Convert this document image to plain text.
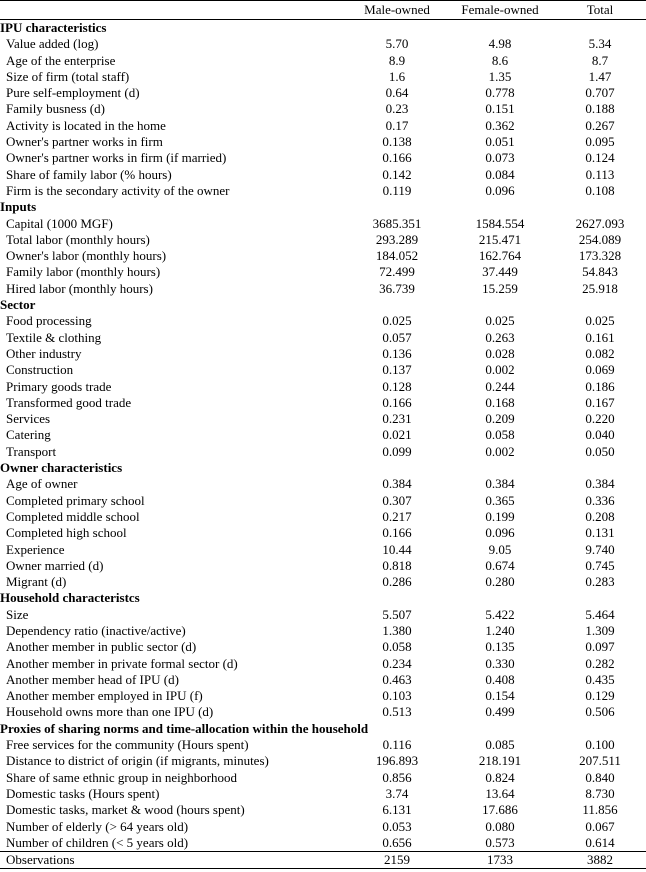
	Male-owned	Female-owned	Total
IPU characteristics			
Value added (log)	5.70	4.98	5.34
Age of the enterprise	8.9	8.6	8.7
Size of firm (total staff)	1.6	1.35	1.47
Pure self-employment (d)	0.64	0.778	0.707
Family busness (d)	0.23	0.151	0.188
Activity is located in the home	0.17	0.362	0.267
Owner's partner works in firm	0.138	0.051	0.095
Owner's partner works in firm (if married)	0.166	0.073	0.124
Share of family labor (% hours)	0.142	0.084	0.113
Firm is the secondary activity of the owner	0.119	0.096	0.108
Inputs			
Capital (1000 MGF)	3685.351	1584.554	2627.093
Total labor (monthly hours)	293.289	215.471	254.089
Owner's labor (monthly hours)	184.052	162.764	173.328
Family labor (monthly hours)	72.499	37.449	54.843
Hired labor (monthly hours)	36.739	15.259	25.918
Sector			
Food processing	0.025	0.025	0.025
Textile & clothing	0.057	0.263	0.161
Other industry	0.136	0.028	0.082
Construction	0.137	0.002	0.069
Primary goods trade	0.128	0.244	0.186
Transformed good trade	0.166	0.168	0.167
Services	0.231	0.209	0.220
Catering	0.021	0.058	0.040
Transport	0.099	0.002	0.050
Owner characteristics			
Age of owner	0.384	0.384	0.384
Completed primary school	0.307	0.365	0.336
Completed middle school	0.217	0.199	0.208
Completed high school	0.166	0.096	0.131
Experience	10.44	9.05	9.740
Owner married (d)	0.818	0.674	0.745
Migrant (d)	0.286	0.280	0.283
Household characteristcs			
Size	5.507	5.422	5.464
Dependency ratio (inactive/active)	1.380	1.240	1.309
Another member in public sector (d)	0.058	0.135	0.097
Another member in private formal sector (d)	0.234	0.330	0.282
Another member head of IPU (d)	0.463	0.408	0.435
Another member employed in IPU (f)	0.103	0.154	0.129
Household owns more than one IPU (d)	0.513	0.499	0.506
Proxies of sharing norms and time-allocation within the household			
Free services for the community (Hours spent)	0.116	0.085	0.100
Distance to district of origin (if migrants, minutes)	196.893	218.191	207.511
Share of same ethnic group in neighborhood	0.856	0.824	0.840
Domestic tasks (Hours spent)	3.74	13.64	8.730
Domestic tasks, market & wood (hours spent)	6.131	17.686	11.856
Number of elderly (> 64 years old)	0.053	0.080	0.067
Number of children (< 5 years old)	0.656	0.573	0.614
Observations	2159	1733	3882
